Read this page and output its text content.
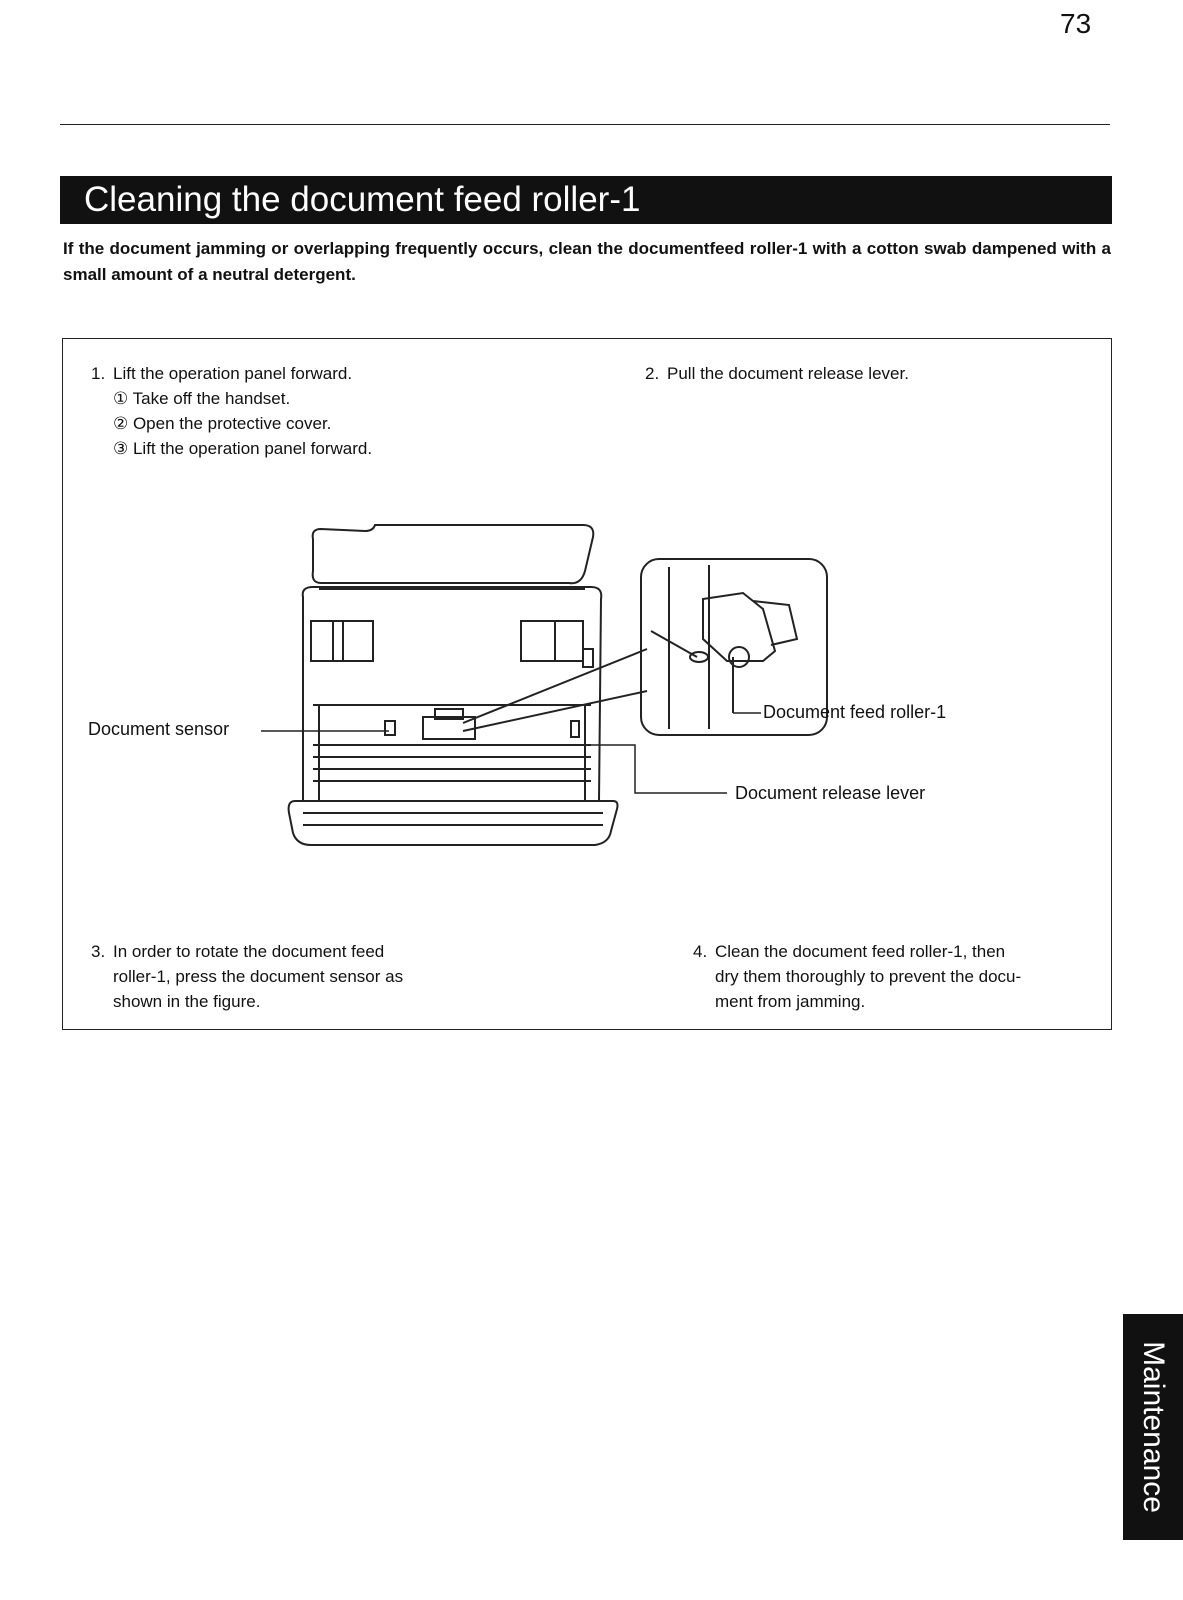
73
Cleaning the document feed roller-1
If the document jamming or overlapping frequently occurs, clean the documentfeed roller-1 with a cotton swab dampened with a small amount of a neutral detergent.
Document sensor
Document feed roller-1
Document release lever
1. Lift the operation panel forward.
① Take off the handset.
② Open the protective cover.
③ Lift the operation panel forward.
2. Pull the document release lever.
3. In order to rotate the document feed
roller-1, press the document sensor as
shown in the figure.
4. Clean the document feed roller-1, then
dry them thoroughly to prevent the docu-
ment from jamming.
Maintenance
